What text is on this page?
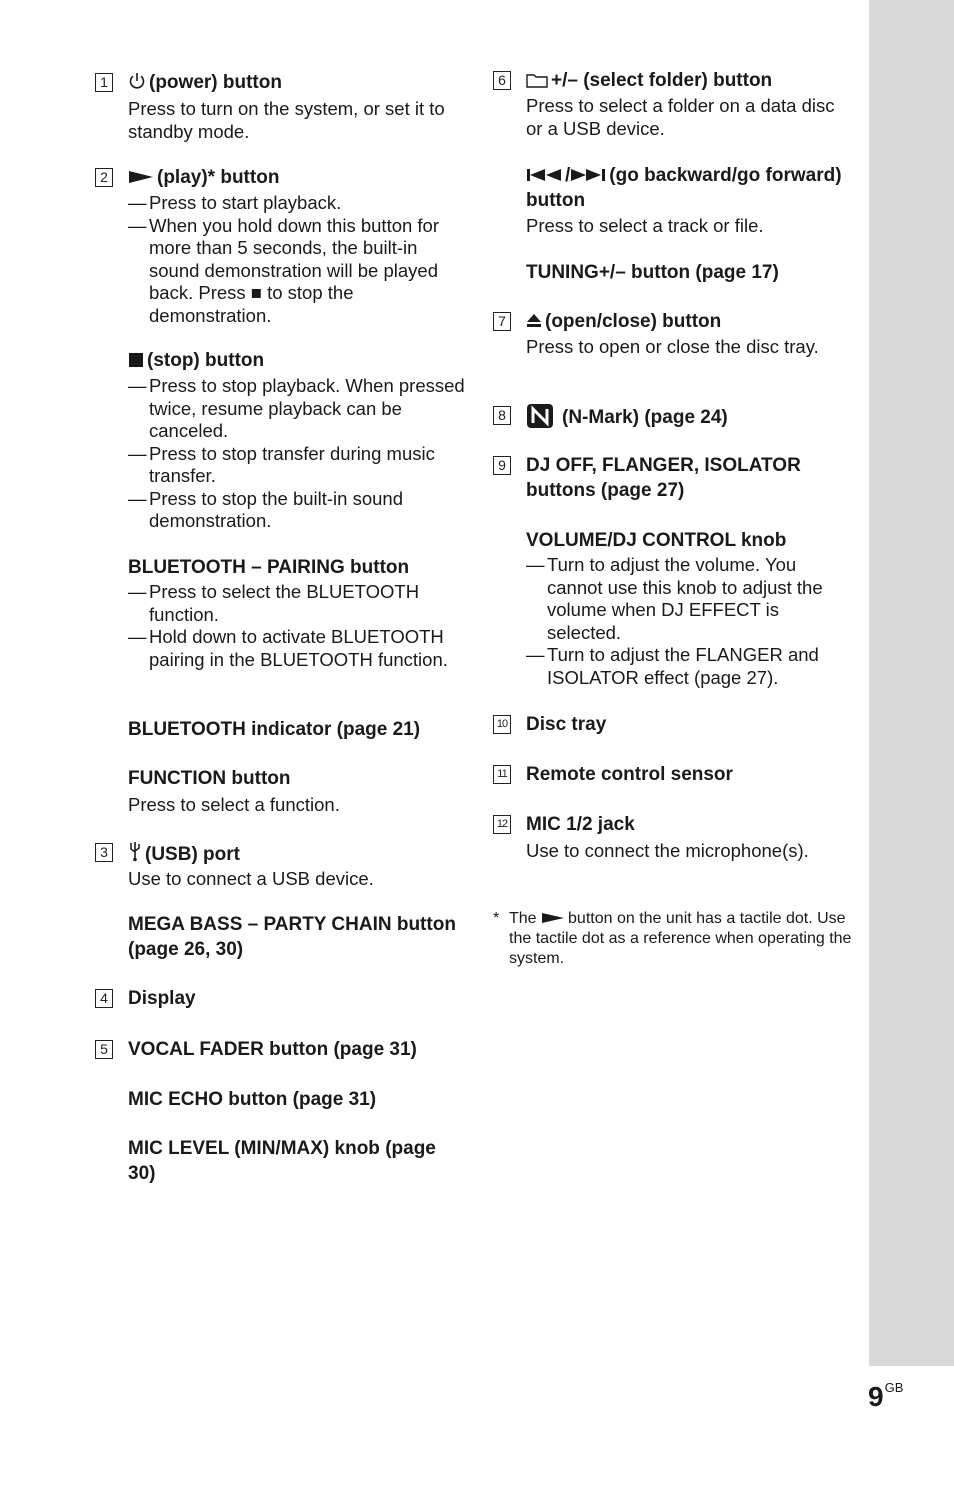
1	(power) button
Press to turn on the system, or set it to standby mode.
2	(play)* button
— Press to start playback.
— When you hold down this button for more than 5 seconds, the built-in sound demonstration will be played back. Press ■ to stop the demonstration.
(stop) button
— Press to stop playback. When pressed twice, resume playback can be canceled.
— Press to stop transfer during music transfer.
— Press to stop the built-in sound demonstration.
BLUETOOTH – PAIRING button
— Press to select the BLUETOOTH function.
— Hold down to activate BLUETOOTH pairing in the BLUETOOTH function.
BLUETOOTH indicator (page 21)
FUNCTION button
Press to select a function.
3	(USB) port
Use to connect a USB device.
MEGA BASS – PARTY CHAIN button (page 26, 30)
4 Display
5 VOCAL FADER button (page 31)
MIC ECHO button (page 31)
MIC LEVEL (MIN/MAX) knob (page 30)
6	+/– (select folder) button
Press to select a folder on a data disc or a USB device.
/ (go backward/go forward) button
Press to select a track or file.
TUNING+/– button (page 17)
7	(open/close) button
Press to open or close the disc tray.
8	(N-Mark) (page 24)
9 DJ OFF, FLANGER, ISOLATOR buttons (page 27)
VOLUME/DJ CONTROL knob
— Turn to adjust the volume. You cannot use this knob to adjust the volume when DJ EFFECT is selected.
— Turn to adjust the FLANGER and ISOLATOR effect (page 27).
10 Disc tray
11 Remote control sensor
12 MIC 1/2 jack
Use to connect the microphone(s).
* The button on the unit has a tactile dot. Use the tactile dot as a reference when operating the system.
$9^{GB}$
